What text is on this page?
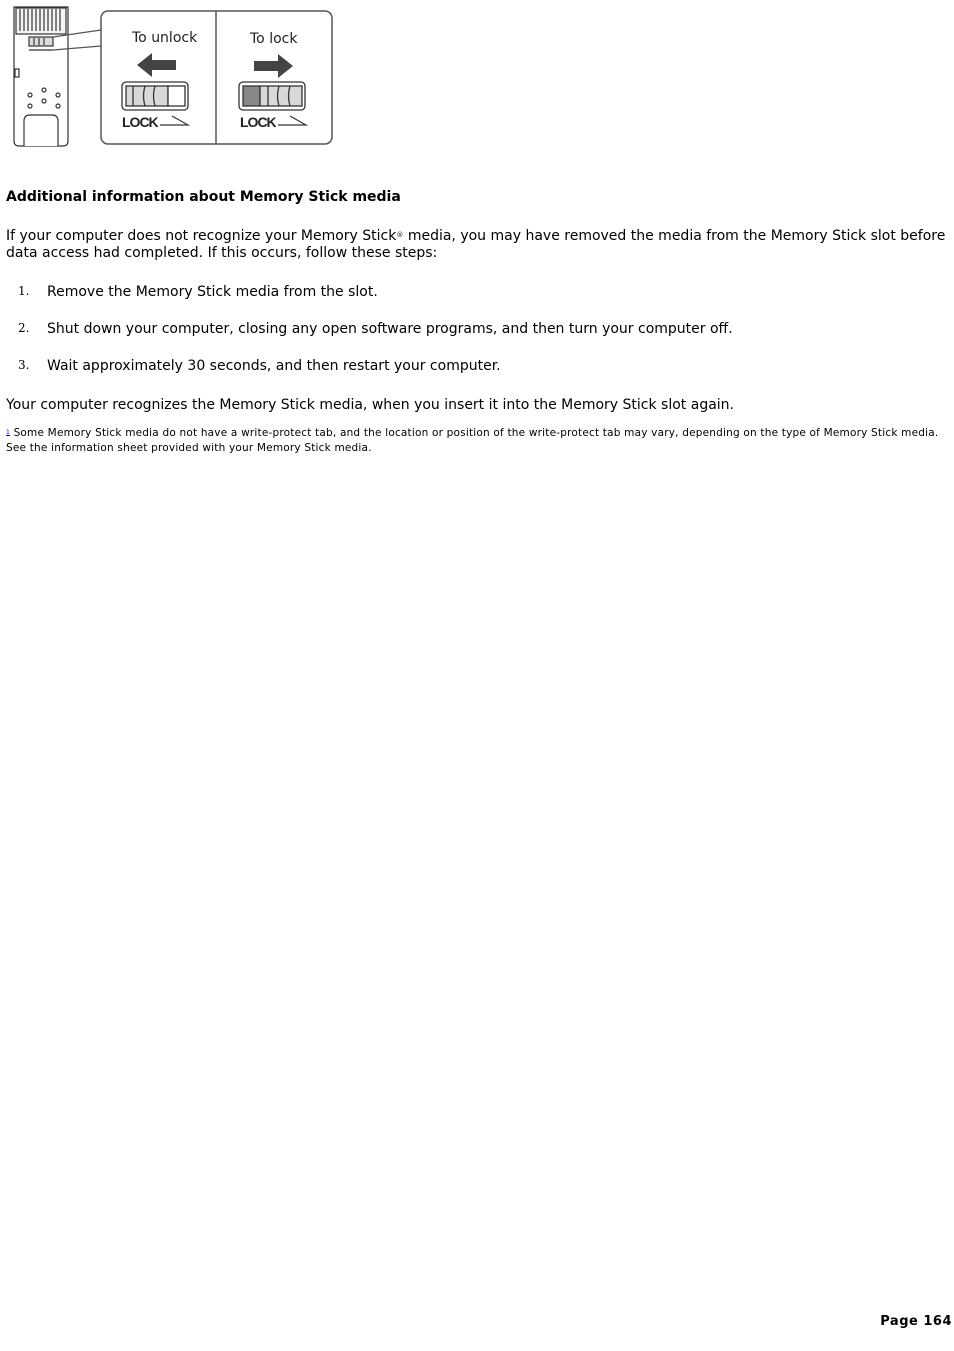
To unlock
LOCK
To lock
LOCK
Additional information about Memory Stick media

If your computer does not recognize your Memory Stick® media, you may have removed the media from the Memory Stick slot before data access had completed. If this occurs, follow these steps:

1. Remove the Memory Stick media from the slot.
2. Shut down your computer, closing any open software programs, and then turn your computer off.
3. Wait approximately 30 seconds, and then restart your computer.

Your computer recognizes the Memory Stick media, when you insert it into the Memory Stick slot again.

1 Some Memory Stick media do not have a write-protect tab, and the location or position of the write-protect tab may vary, depending on the type of Memory Stick media. See the information sheet provided with your Memory Stick media.

Page 164
